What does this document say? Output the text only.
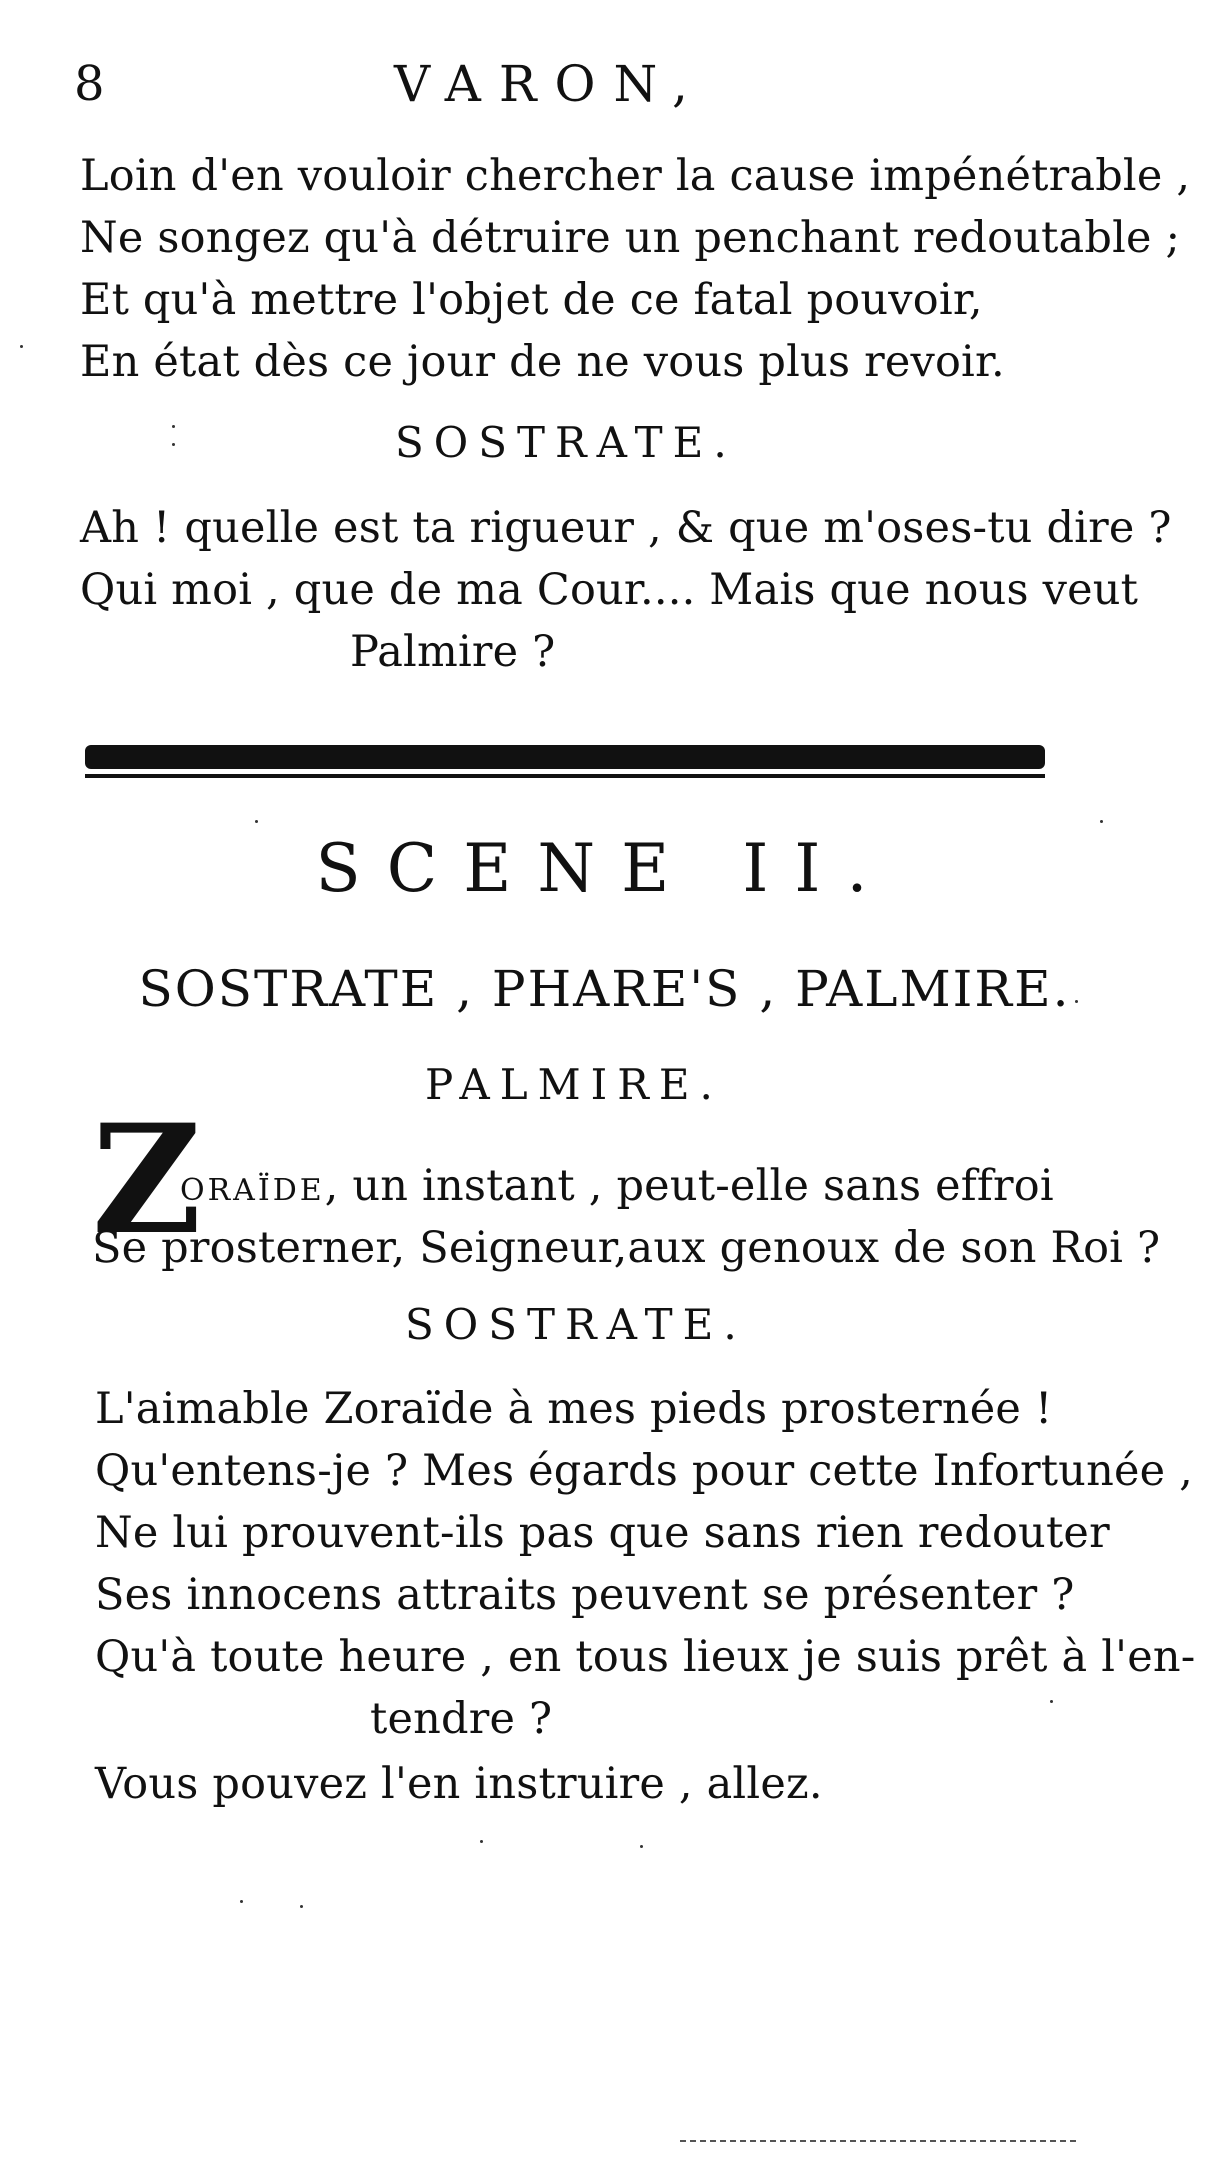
8	VARON,
Loin d'en vouloir chercher la cause impénétrable ,
Ne songez qu'à détruire un penchant redoutable ;
Et qu'à mettre l'objet de ce fatal pouvoir,
En état dès ce jour de ne vous plus revoir.
SOSTRATE.
Ah ! quelle est ta rigueur , & que m'oses-tu dire ?
Qui moi , que de ma Cour.... Mais que nous veut
Palmire ?
SCENE II.
SOSTRATE , PHARE'S , PALMIRE.
PALMIRE.
Z
oraïde, un instant , peut-elle sans effroi
Se prosterner, Seigneur,aux genoux de son Roi ?
SOSTRATE.
L'aimable Zoraïde à mes pieds prosternée !
Qu'entens-je ? Mes égards pour cette Infortunée ,
Ne lui prouvent-ils pas que sans rien redouter
Ses innocens attraits peuvent se présenter ?
Qu'à toute heure , en tous lieux je suis prêt à l'en-
tendre ?
Vous pouvez l'en instruire , allez.
